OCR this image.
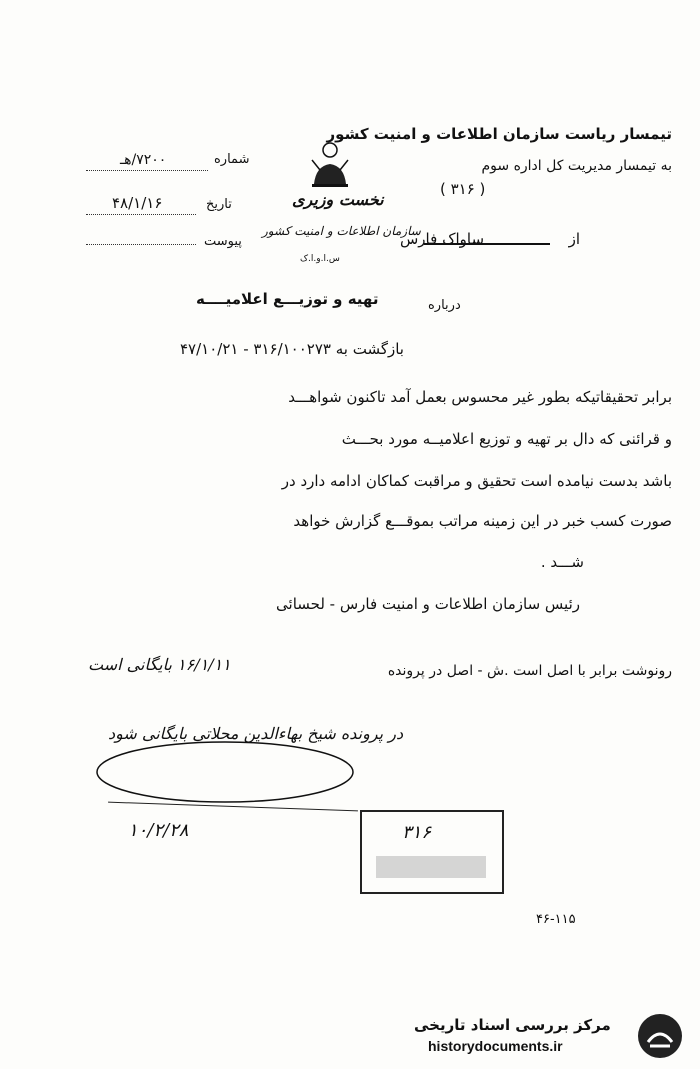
تیمسار ریاست سازمان اطلاعات و امنیت کشور
به تیمسار مدیریت کل اداره سوم
( ۳۱۶ )
نخست وزیری
سازمان اطلاعات و امنیت کشور
س.ا.و.ا.ک
از
ساواک فارس
شماره
۷۲۰۰/هـ
تاریخ
۴۸/۱/۱۶
پیوست
درباره
تهیه و توزیـــع اعلامیــــه
بازگشت به ۳۱۶/۱۰۰۲۷۳ - ۴۷/۱۰/۲۱
برابر تحقیقاتیکه بطور غیر محسوس بعمل آمد تاکنون شواهـــد
و قرائنی که دال بر تهیه و توزیع اعلامیــه مورد بحـــث
باشد بدست نیامده است تحقیق و مراقبت کماکان ادامه دارد در
صورت کسب خبر در این زمینه مراتب بموقـــع گزارش خواهد
شـــد .
رئیس سازمان اطلاعات و امنیت فارس - لحسائی
رونوشت برابر با اصل است .ش - اصل در پرونده
۱۶/۱/۱۱ بایگانی است
در پرونده شیخ بهاءالدین محلاتی بایگانی شود
۱۰/۲/۲۸	۳۱۶
۴۶-۱۱۵
مرکز بررسی اسناد تاریخی
historydocuments.ir
